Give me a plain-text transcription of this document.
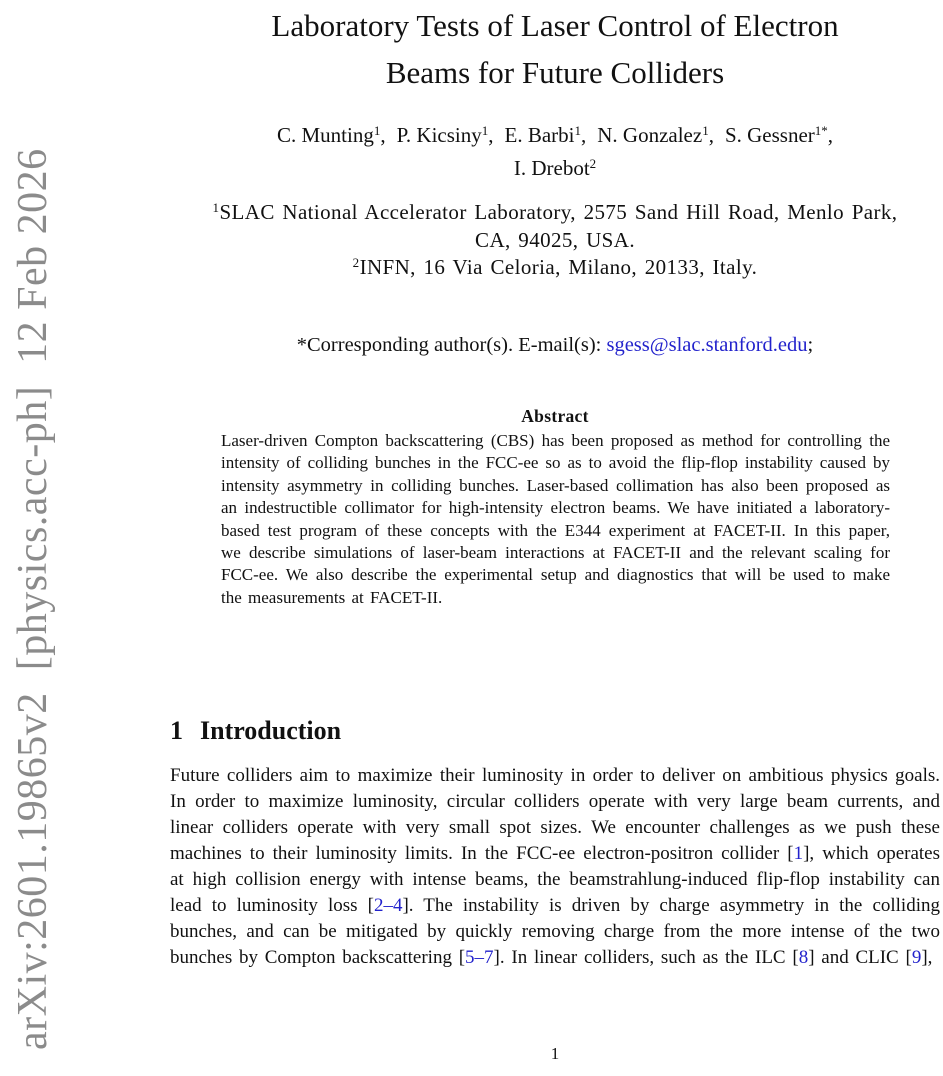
arXiv:2601.19865v2  [physics.acc-ph]  12 Feb 2026
Laboratory Tests of Laser Control of Electron
Beams for Future Colliders
C. Munting$^1$, P. Kicsiny$^1$, E. Barbi$^1$, N. Gonzalez$^1$, S. Gessner$^{1*}$,
I. Drebot$^2$
$^1$SLAC National Accelerator Laboratory, 2575 Sand Hill Road, Menlo Park, CA, 94025, USA.
$^2$INFN, 16 Via Celoria, Milano, 20133, Italy.
*Corresponding author(s). E-mail(s): sgess@slac.stanford.edu;
Abstract

Laser-driven Compton backscattering (CBS) has been proposed as method for controlling the intensity of colliding bunches in the FCC-ee so as to avoid the flip-flop instability caused by intensity asymmetry in colliding bunches. Laser-based collimation has also been proposed as an indestructible collimator for high-intensity electron beams. We have initiated a laboratory-based test program of these concepts with the E344 experiment at FACET-II. In this paper, we describe simulations of laser-beam interactions at FACET-II and the relevant scaling for FCC-ee. We also describe the experimental setup and diagnostics that will be used to make the measurements at FACET-II.

1 Introduction

Future colliders aim to maximize their luminosity in order to deliver on ambitious physics goals. In order to maximize luminosity, circular colliders operate with very large beam currents, and linear colliders operate with very small spot sizes. We encounter challenges as we push these machines to their luminosity limits. In the FCC-ee electron-positron collider [1], which operates at high collision energy with intense beams, the beamstrahlung-induced flip-flop instability can lead to luminosity loss [2–4]. The instability is driven by charge asymmetry in the colliding bunches, and can be mitigated by quickly removing charge from the more intense of the two bunches by Compton backscattering [5–7]. In linear colliders, such as the ILC [8] and CLIC [9],

1
